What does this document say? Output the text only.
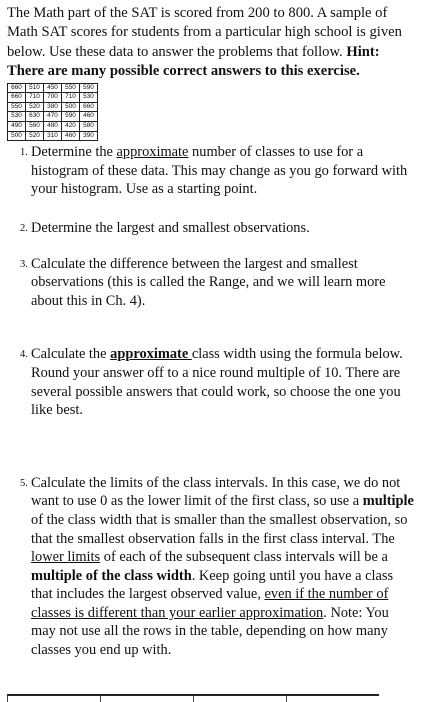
The Math part of the SAT is scored from 200 to 800. A sample of Math SAT scores for students from a particular high school is given below. Use these data to answer the problems that follow. Hint: There are many possible correct answers to this exercise.

660	510	450	550	590
660	710	700	710	530
550	520	380	500	660
530	630	470	590	460
490	560	480	420	580
500	520	310	460	390
1. Determine the approximate number of classes to use for a histogram of these data. This may change as you go forward with your histogram. Use as a starting point.
2. Determine the largest and smallest observations.
3. Calculate the difference between the largest and smallest observations (this is called the Range, and we will learn more about this in Ch. 4).
4. Calculate the approximate class width using the formula below. Round your answer off to a nice round multiple of 10. There are several possible answers that could work, so choose the one you like best.
5. Calculate the limits of the class intervals. In this case, we do not want to use 0 as the lower limit of the first class, so use a multiple of the class width that is smaller than the smallest observation, so that the smallest observation falls in the first class interval. The lower limits of each of the subsequent class intervals will be a multiple of the class width. Keep going until you have a class that includes the largest observed value, even if the number of classes is different than your earlier approximation. Note: You may not use all the rows in the table, depending on how many classes you end up with.
